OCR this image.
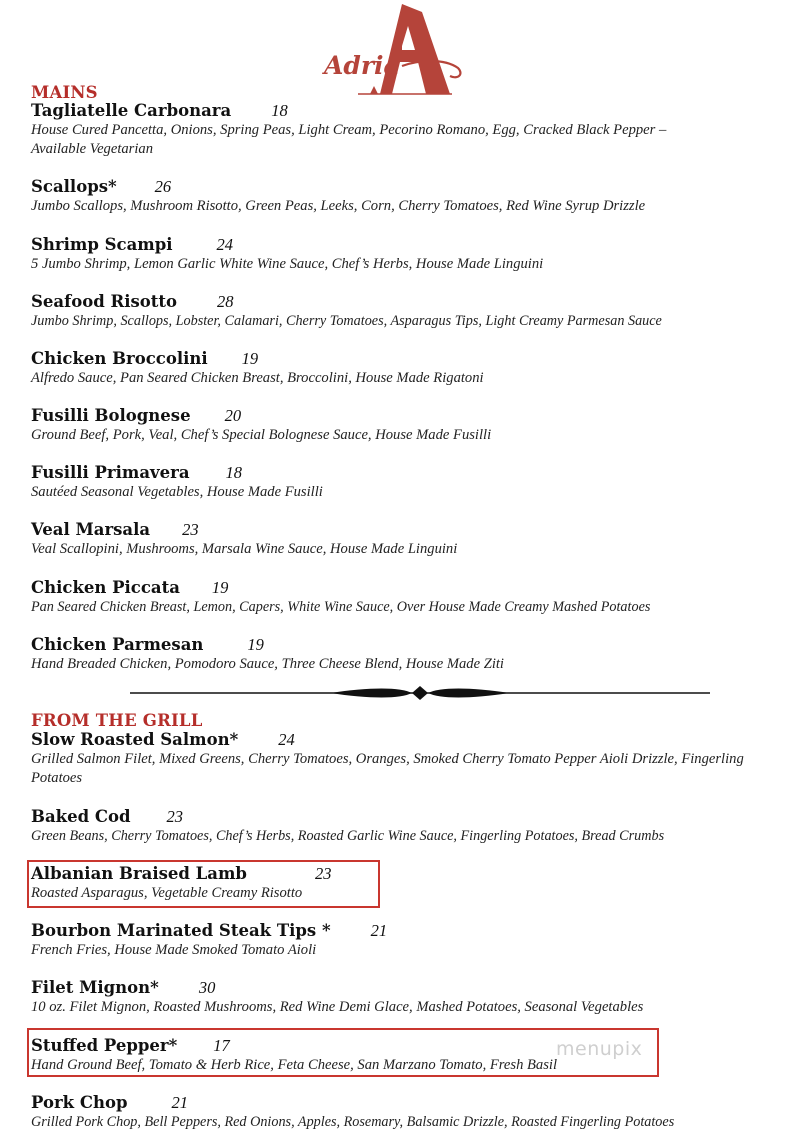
Adria
MAINS
Tagliatelle Carbonara 18
House Cured Pancetta, Onions, Spring Peas, Light Cream, Pecorino Romano, Egg, Cracked Black Pepper – Available Vegetarian
Scallops* 26
Jumbo Scallops, Mushroom Risotto, Green Peas, Leeks, Corn, Cherry Tomatoes, Red Wine Syrup Drizzle
Shrimp Scampi	24
5 Jumbo Shrimp, Lemon Garlic White Wine Sauce, Chef’s Herbs, House Made Linguini
Seafood Risotto 28
Jumbo Shrimp, Scallops, Lobster, Calamari, Cherry Tomatoes, Asparagus Tips, Light Creamy Parmesan Sauce
Chicken Broccolini 19
Alfredo Sauce, Pan Seared Chicken Breast, Broccolini, House Made Rigatoni
Fusilli Bolognese 20
Ground Beef, Pork, Veal, Chef’s Special Bolognese Sauce, House Made Fusilli
Fusilli Primavera 18
Sautéed Seasonal Vegetables, House Made Fusilli
Veal Marsala 23
Veal Scallopini, Mushrooms, Marsala Wine Sauce, House Made Linguini
Chicken Piccata 19
Pan Seared Chicken Breast, Lemon, Capers, White Wine Sauce, Over House Made Creamy Mashed Potatoes
Chicken Parmesan	19
Hand Breaded Chicken, Pomodoro Sauce, Three Cheese Blend, House Made Ziti
FROM THE GRILL
Slow Roasted Salmon* 24
Grilled Salmon Filet, Mixed Greens, Cherry Tomatoes, Oranges, Smoked Cherry Tomato Pepper Aioli Drizzle, Fingerling Potatoes
Baked Cod 23
Green Beans, Cherry Tomatoes, Chef’s Herbs, Roasted Garlic Wine Sauce, Fingerling Potatoes, Bread Crumbs
Albanian Braised Lamb	23
Roasted Asparagus, Vegetable Creamy Risotto
Bourbon Marinated Steak Tips * 21
French Fries, House Made Smoked Tomato Aioli
Filet Mignon* 30
10 oz. Filet Mignon, Roasted Mushrooms, Red Wine Demi Glace, Mashed Potatoes, Seasonal Vegetables
Stuffed Pepper* 17
Hand Ground Beef, Tomato & Herb Rice, Feta Cheese, San Marzano Tomato, Fresh Basil
Pork Chop	21
Grilled Pork Chop, Bell Peppers, Red Onions, Apples, Rosemary, Balsamic Drizzle, Roasted Fingerling Potatoes
menupix
